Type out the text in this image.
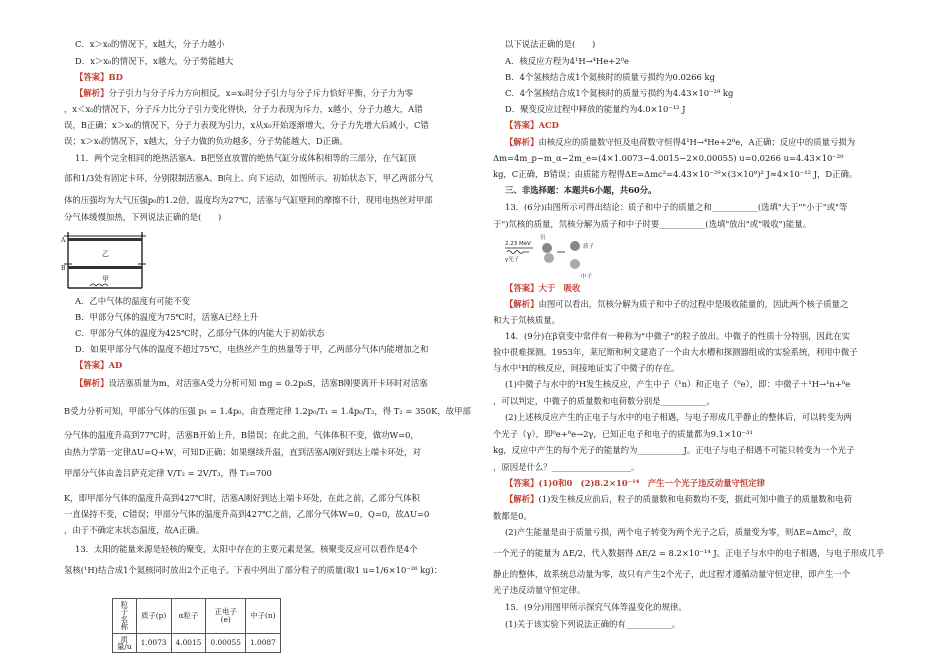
C．x＞x₀的情况下，x越大，分子力越小
D．x＞x₀的情况下，x越大，分子势能越大
【答案】BD
【解析】分子引力与分子斥力方向相反，x=x₀时分子引力与分子斥力恰好平衡，分子力为零
，x＜x₀的情况下，分子斥力比分子引力变化得快，分子力表现为斥力，x越小，分子力越大，A错
误，B正确；x＞x₀的情况下，分子力表现为引力，x从x₀开始逐渐增大，分子力先增大后减小，C错
误；x＞x₀的情况下，x越大，分子力做的负功越多，分子势能越大，D正确。
11．两个完全相同的绝热活塞A、B把竖直放置的绝热气缸分成体积相等的三部分，在气缸顶
部和1/3处有固定卡环，分别限制活塞A、B向上、向下运动，如图所示。初始状态下，甲乙两部分气
体的压强均为大气压强p₀的1.2倍，温度均为27℃，活塞与气缸壁间的摩擦不计，现用电热丝对甲部
分气体缓慢加热，下列说法正确的是(　　)
A
B
乙
甲
A．乙中气体的温度有可能不变
B．甲部分气体的温度为75℃时，活塞A已经上升
C．甲部分气体的温度为425℃时，乙部分气体的内能大于初始状态
D．如果甲部分气体的温度不超过75℃，电热丝产生的热量等于甲，乙两部分气体内能增加之和
【答案】AD
【解析】设活塞质量为m，对活塞A受力分析可知 mg = 0.2p₀S，活塞B刚要离开卡环时对活塞
B受力分析可知，甲部分气体的压强 p₁ = 1.4p₀，由查理定律 1.2p₀/T₁ = 1.4p₀/T₂，得 T₂ = 350K，故甲部
分气体的温度升高到77℃时，活塞B开始上升，B错误；在此之前，气体体积不变，做功W=0，
由热力学第一定律ΔU=Q+W，可知D正确；如果继续升温，直到活塞A刚好到达上端卡环处，对
甲部分气体由盖吕萨克定律 V/T₂ = 2V/T₃，得 T₃=700
K，即甲部分气体的温度升高到427℃时，活塞A刚好到达上端卡环处，在此之前，乙部分气体积
一直保持不变，C错误；甲部分气体的温度升高到427℃之前，乙部分气体W=0，Q=0，故ΔU=0
，由于不确定末状态温度，故A正确。
13．太阳的能量来源是轻核的聚变，太阳中存在的主要元素是氢，核聚变反应可以看作是4个
氢核(¹H)结合成1个氦核同时放出2个正电子。下表中列出了部分粒子的质量(取1 u=1/6×10⁻²⁶ kg)：
粒子名称	质子(p)	α粒子	正电子(e)	中子(n)
质量/u	1.0073	4.0015	0.00055	1.0087
以下说法正确的是(　　)
A．核反应方程为4¹H→⁴He+2⁰e
B．4个氢核结合成1个氦核时的质量亏损约为0.0266 kg
C．4个氢核结合成1个氦核时的质量亏损约为4.43×10⁻²⁹ kg
D．聚变反应过程中释放的能量约为4.0×10⁻¹² J
【答案】ACD
【解析】由核反应的质量数守恒及电荷数守恒得4¹H→⁴He+2⁰e，A正确；反应中的质量亏损为
Δm=4m_p−m_α−2m_e=(4×1.0073−4.0015−2×0.00055) u=0.0266 u=4.43×10⁻²⁹
kg，C正确，B错误；由质能方程得ΔE=Δmc²=4.43×10⁻²⁹×(3×10⁸)² J≈4×10⁻¹² J，D正确。
三、非选择题：本题共6小题，共60分。
13．(6分)由图所示可得出结论：质子和中子的质量之和___________(选填"大于""小于"或"等
于")氘核的质量，氘核分解为质子和中子时要___________(选填"放出"或"吸收")能量。
2.23 MeV
γ光子
氘
质子
中子
【答案】大于　吸收
【解析】由图可以看出，氘核分解为质子和中子的过程中是吸收能量的，因此两个核子质量之
和大于氘核质量。
14．(9分)在β衰变中常伴有一种称为"中微子"的粒子放出。中微子的性质十分特别，因此在实
验中很难探测。1953年，莱尼斯和柯文建造了一个由大水槽和探测器组成的实验系统，利用中微子
与水中¹H的核反应，间接地证实了中微子的存在。
(1)中微子与水中的¹H发生核反应，产生中子（¹n）和正电子（⁰e），即：中微子＋¹H→¹n+⁰e
，可以判定，中微子的质量数和电荷数分别是___________。
(2)上述核反应产生的正电子与水中的电子相遇，与电子形成几乎静止的整体后，可以转变为两
个光子（γ），即⁰e+⁰e→2γ，已知正电子和电子的质量都为9.1×10⁻³¹
kg，反应中产生的每个光子的能量约为___________J。正电子与电子相遇不可能只转变为一个光子
，原因是什么？___________________。
【答案】(1)0和0　(2)8.2×10⁻¹⁴　产生一个光子违反动量守恒定律
【解析】(1)发生核反应前后，粒子的质量数和电荷数均不变，据此可知中微子的质量数和电荷
数都是0。
(2)产生能量是由于质量亏损，两个电子转变为两个光子之后，质量变为零，则ΔE=Δmc²，故
一个光子的能量为 ΔE/2，代入数据得 ΔE/2 = 8.2×10⁻¹⁴ J。正电子与水中的电子相遇，与电子形成几乎
静止的整体，故系统总动量为零，故只有产生2个光子，此过程才遵循动量守恒定律，即产生一个
光子违反动量守恒定律。
15．(9分)用图甲所示探究气体等温变化的规律。
(1)关于该实验下列说法正确的有___________。
